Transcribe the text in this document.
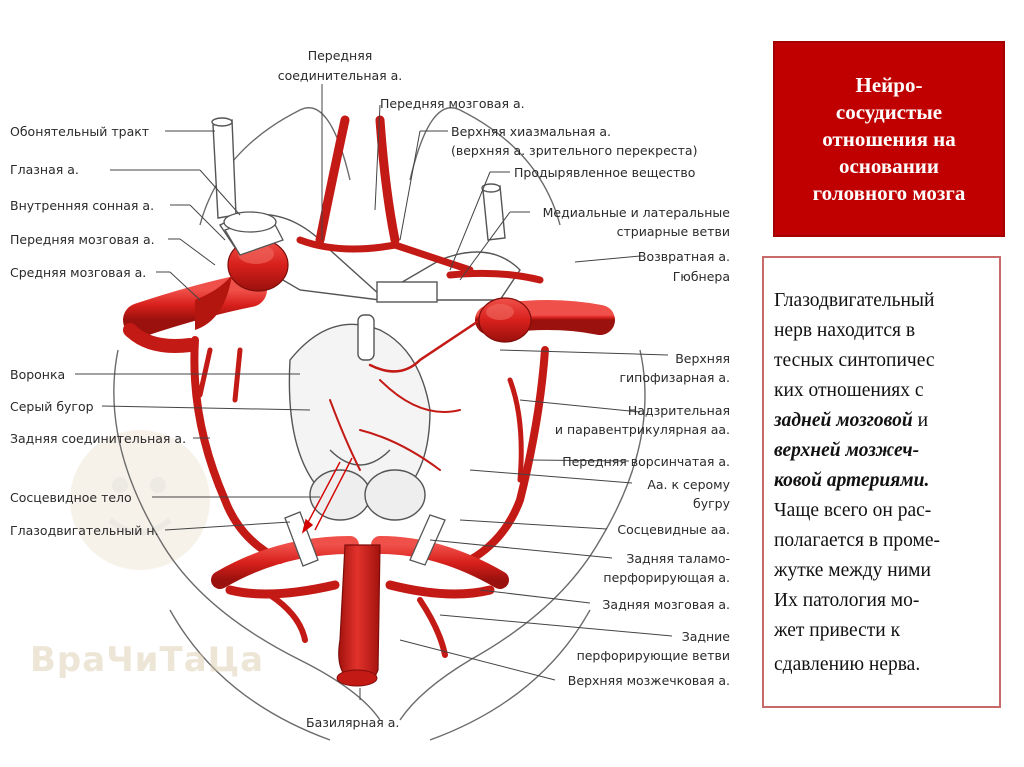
ВраЧиТаЦа
Передняя
соединительная а.
Передняя мозговая а.
Обонятельный тракт
Глазная а.
Внутренняя сонная а.
Передняя мозговая а.
Средняя мозговая а.
Воронка
Серый бугор
Задняя соединительная а.
Сосцевидное тело
Глазодвигательный н.
Верхняя хиазмальная а.
(верхняя а. зрительного перекреста)
Продырявленное вещество
Медиальные и латеральные
стриарные ветви
Возвратная а.
Гюбнера
Верхняя
гипофизарная а.
Надзрительная
и паравентрикулярная аа.
Передняя ворсинчатая а.
Аа. к серому
бугру
Сосцевидные аа.
Задняя таламо-
перфорирующая а.
Задняя мозговая а.
Задние
перфорирующие ветви
Верхняя мозжечковая а.
Базилярная а.
Нейро-
сосудистые
отношения на
основании
головного мозга
Глазодвигательный
нерв находится в
тесных синтопичес
ких отношениях с
задней мозговой и
верхней мозжеч-
ковой артериями.
Чаще всего он рас-
полагается в проме-
жутке между ними
Их патология мо-
жет привести к
сдавлению нерва.
